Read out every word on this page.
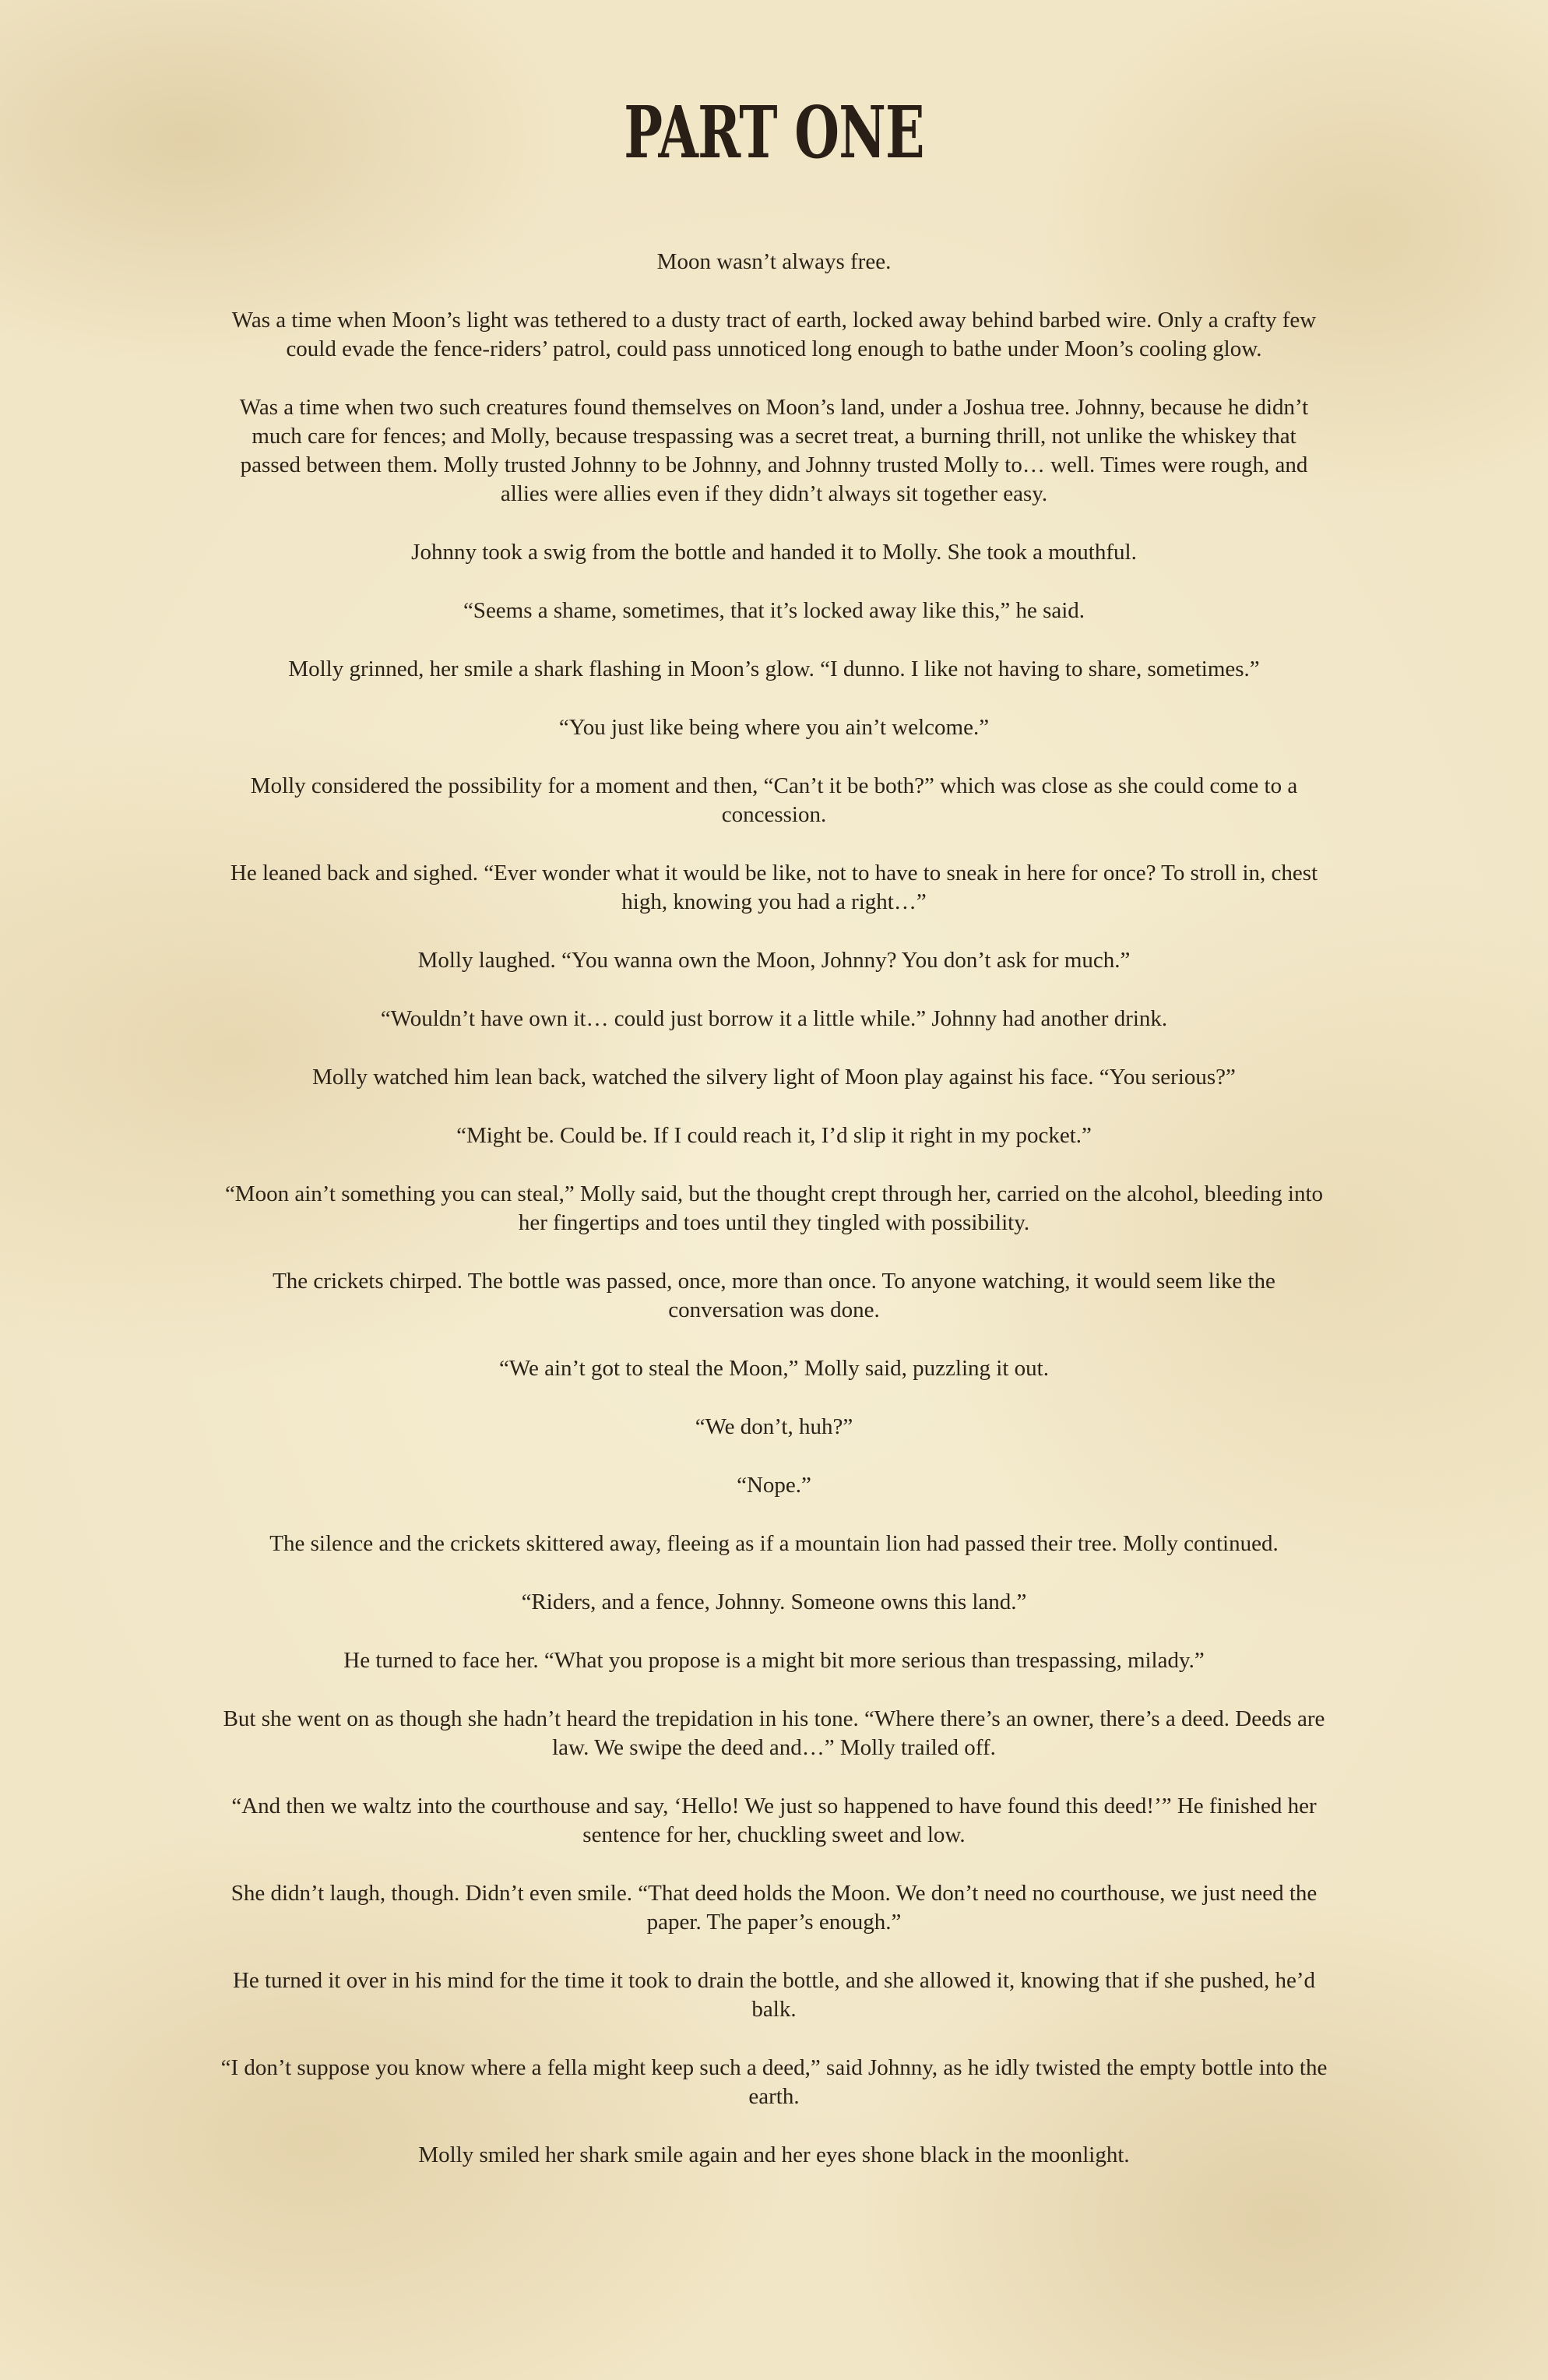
PART ONE

Moon wasn’t always free.

Was a time when Moon’s light was tethered to a dusty tract of earth, locked away behind barbed wire. Only a crafty few could evade the fence-riders’ patrol, could pass unnoticed long enough to bathe under Moon’s cooling glow.

Was a time when two such creatures found themselves on Moon’s land, under a Joshua tree. Johnny, because he didn’t much care for fences; and Molly, because trespassing was a secret treat, a burning thrill, not unlike the whiskey that passed between them. Molly trusted Johnny to be Johnny, and Johnny trusted Molly to… well. Times were rough, and allies were allies even if they didn’t always sit together easy.

Johnny took a swig from the bottle and handed it to Molly. She took a mouthful.

“Seems a shame, sometimes, that it’s locked away like this,” he said.

Molly grinned, her smile a shark flashing in Moon’s glow. “I dunno. I like not having to share, sometimes.”

“You just like being where you ain’t welcome.”

Molly considered the possibility for a moment and then, “Can’t it be both?” which was close as she could come to a concession.

He leaned back and sighed. “Ever wonder what it would be like, not to have to sneak in here for once? To stroll in, chest high, knowing you had a right…”

Molly laughed. “You wanna own the Moon, Johnny? You don’t ask for much.”

“Wouldn’t have own it… could just borrow it a little while.” Johnny had another drink.

Molly watched him lean back, watched the silvery light of Moon play against his face. “You serious?”

“Might be. Could be. If I could reach it, I’d slip it right in my pocket.”

“Moon ain’t something you can steal,” Molly said, but the thought crept through her, carried on the alcohol, bleeding into her fingertips and toes until they tingled with possibility.

The crickets chirped. The bottle was passed, once, more than once. To anyone watching, it would seem like the conversation was done.

“We ain’t got to steal the Moon,” Molly said, puzzling it out.

“We don’t, huh?”

“Nope.”

The silence and the crickets skittered away, fleeing as if a mountain lion had passed their tree. Molly continued.

“Riders, and a fence, Johnny. Someone owns this land.”

He turned to face her. “What you propose is a might bit more serious than trespassing, milady.”

But she went on as though she hadn’t heard the trepidation in his tone. “Where there’s an owner, there’s a deed. Deeds are law. We swipe the deed and…” Molly trailed off.

“And then we waltz into the courthouse and say, ‘Hello! We just so happened to have found this deed!’” He finished her sentence for her, chuckling sweet and low.

She didn’t laugh, though. Didn’t even smile. “That deed holds the Moon. We don’t need no courthouse, we just need the paper. The paper’s enough.”

He turned it over in his mind for the time it took to drain the bottle, and she allowed it, knowing that if she pushed, he’d balk.

“I don’t suppose you know where a fella might keep such a deed,” said Johnny, as he idly twisted the empty bottle into the earth.

Molly smiled her shark smile again and her eyes shone black in the moonlight.
